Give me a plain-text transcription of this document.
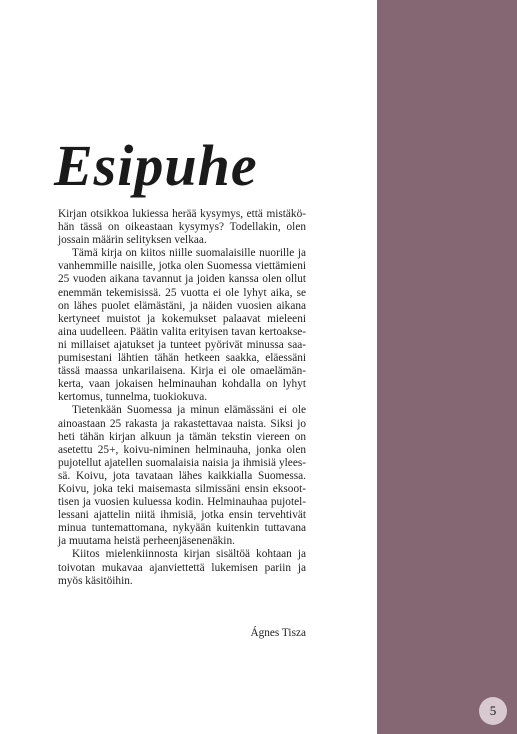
Esipuhe

Kirjan otsikkoa lukiessa herää kysymys, että mistäköhän tässä on oikeastaan kysymys? Todellakin, olen jossain määrin selityksen velkaa.

Tämä kirja on kiitos niille suomalaisille nuorille ja vanhemmille naisille, jotka olen Suomessa viettämieni 25 vuoden aikana tavannut ja joiden kanssa olen ollut enemmän tekemisissä. 25 vuotta ei ole lyhyt aika, se on lähes puolet elämästäni, ja näiden vuosien aikana kertyneet muistot ja kokemukset palaavat mieleeni aina uudelleen. Päätin valita erityisen tavan kertoakseni millaiset ajatukset ja tunteet pyörivät minussa saapumisestani lähtien tähän hetkeen saakka, eläessäni tässä maassa unkarilaisena. Kirja ei ole omaelämänkerta, vaan jokaisen helminauhan kohdalla on lyhyt kertomus, tunnelma, tuokiokuva.

Tietenkään Suomessa ja minun elämässäni ei ole ainoastaan 25 rakasta ja rakastettavaa naista. Siksi jo heti tähän kirjan alkuun ja tämän tekstin viereen on asetettu 25+, koivu-niminen helminauha, jonka olen pujotellut ajatellen suomalaisia naisia ja ihmisiä yleessä. Koivu, jota tavataan lähes kaikkialla Suomessa. Koivu, joka teki maisemasta silmissäni ensin eksoottisen ja vuosien kuluessa kodin. Helminauhaa pujotellessani ajattelin niitä ihmisiä, jotka ensin tervehtivät minua tuntemattomana, nykyään kuitenkin tuttavana ja muutama heistä perheenjäsenenäkin.

Kiitos mielenkiinnosta kirjan sisältöä kohtaan ja toivotan mukavaa ajanviettettä lukemisen pariin ja myös käsitöihin.

Ágnes Tisza
5
